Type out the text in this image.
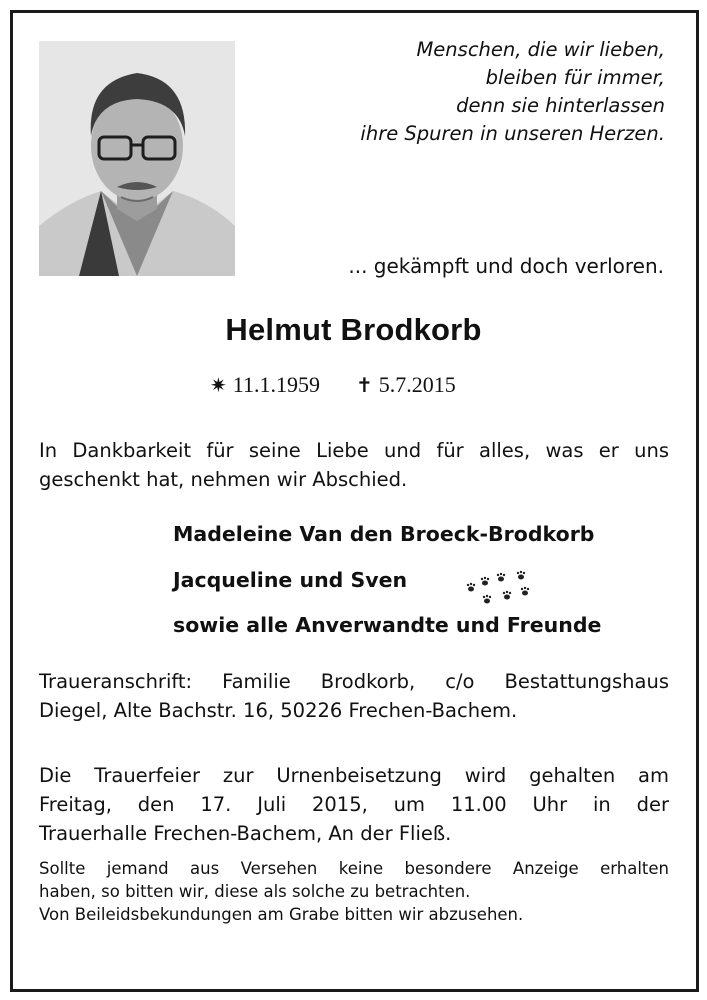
Menschen, die wir lieben,
bleiben für immer,
denn sie hinterlassen
ihre Spuren in unseren Herzen.
... gekämpft und doch verloren.
Helmut Brodkorb
✷ 11.1.1959 ✝ 5.7.2015
In Dankbarkeit für seine Liebe und für alles, was er uns
geschenkt hat, nehmen wir Abschied.
Madeleine Van den Broeck-Brodkorb
Jacqueline und Sven
sowie alle Anverwandte und Freunde
Traueranschrift: Familie Brodkorb, c/o Bestattungshaus
Diegel, Alte Bachstr. 16, 50226 Frechen-Bachem.
Die Trauerfeier zur Urnenbeisetzung wird gehalten am
Freitag, den 17. Juli 2015, um 11.00 Uhr in der
Trauerhalle Frechen-Bachem, An der Fließ.
Sollte jemand aus Versehen keine besondere Anzeige erhalten
haben, so bitten wir, diese als solche zu betrachten.
Von Beileidsbekundungen am Grabe bitten wir abzusehen.
